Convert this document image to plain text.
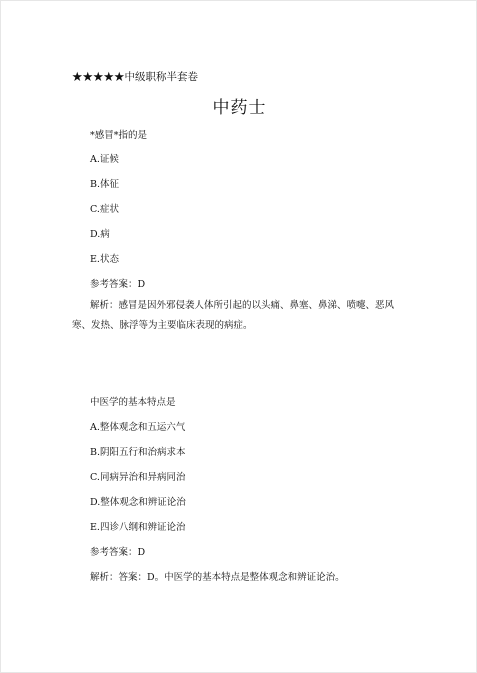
★★★★★中级职称半套卷
中药士
*感冒*指的是
A.证候
B.体征
C.症状
D.病
E.状态
参考答案：D
解析：感冒是因外邪侵袭人体所引起的以头痛、鼻塞、鼻涕、喷嚏、恶风寒、发热、脉浮等为主要临床表现的病症。
中医学的基本特点是
A.整体观念和五运六气
B.阴阳五行和治病求本
C.同病异治和异病同治
D.整体观念和辨证论治
E.四诊八纲和辨证论治
参考答案：D
解析：答案：D。中医学的基本特点是整体观念和辨证论治。
